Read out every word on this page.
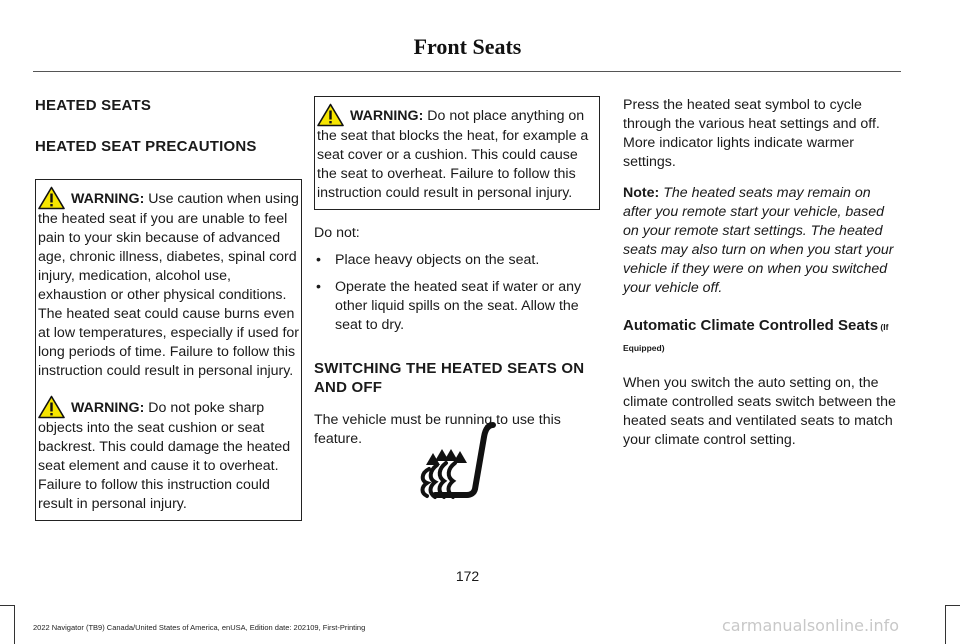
Front Seats

HEATED SEATS

HEATED SEAT PRECAUTIONS

WARNING: Use caution when using the heated seat if you are unable to feel pain to your skin because of advanced age, chronic illness, diabetes, spinal cord injury, medication, alcohol use, exhaustion or other physical conditions. The heated seat could cause burns even at low temperatures, especially if used for long periods of time. Failure to follow this instruction could result in personal injury.

WARNING: Do not poke sharp objects into the seat cushion or seat backrest. This could damage the heated seat element and cause it to overheat. Failure to follow this instruction could result in personal injury.

WARNING: Do not place anything on the seat that blocks the heat, for example a seat cover or a cushion. This could cause the seat to overheat. Failure to follow this instruction could result in personal injury.

Do not:

• Place heavy objects on the seat.
• Operate the heated seat if water or any other liquid spills on the seat. Allow the seat to dry.

SWITCHING THE HEATED SEATS ON AND OFF

The vehicle must be running to use this feature.

Press the heated seat symbol to cycle through the various heat settings and off. More indicator lights indicate warmer settings.

Note: The heated seats may remain on after you remote start your vehicle, based on your remote start settings. The heated seats may also turn on when you start your vehicle if they were on when you switched your vehicle off.

Automatic Climate Controlled Seats (If Equipped)

When you switch the auto setting on, the climate controlled seats switch between the heated seats and ventilated seats to match your climate control setting.

172
2022 Navigator (TB9) Canada/United States of America, enUSA, Edition date: 202109, First-Printing	carmanualsonline.info
